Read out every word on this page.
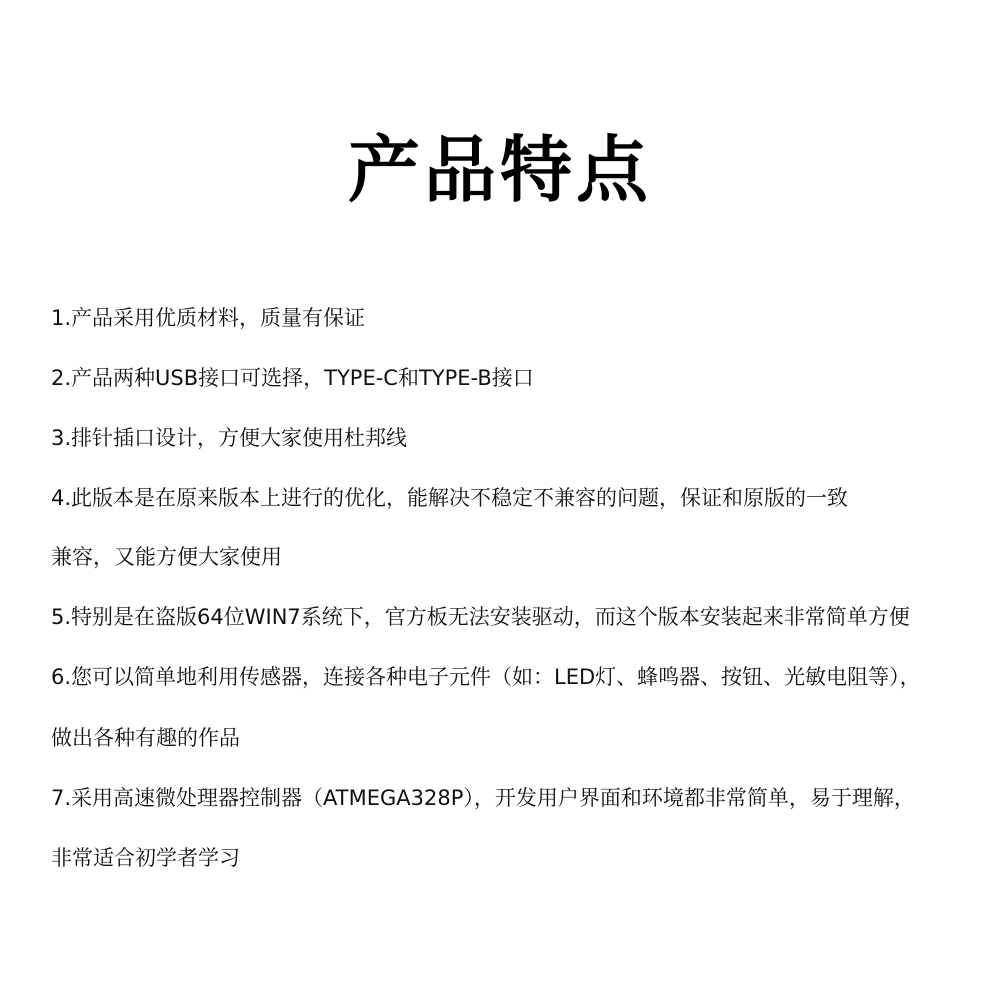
产品特点

1.产品采用优质材料，质量有保证

2.产品两种USB接口可选择，TYPE-C和TYPE-B接口

3.排针插口设计，方便大家使用杜邦线

4.此版本是在原来版本上进行的优化，能解决不稳定不兼容的问题，保证和原版的一致

兼容，又能方便大家使用

5.特别是在盗版64位WIN7系统下，官方板无法安装驱动，而这个版本安装起来非常简单方便

6.您可以简单地利用传感器，连接各种电子元件（如：LED灯、蜂鸣器、按钮、光敏电阻等），

做出各种有趣的作品

7.采用高速微处理器控制器（ATMEGA328P），开发用户界面和环境都非常简单，易于理解，

非常适合初学者学习
